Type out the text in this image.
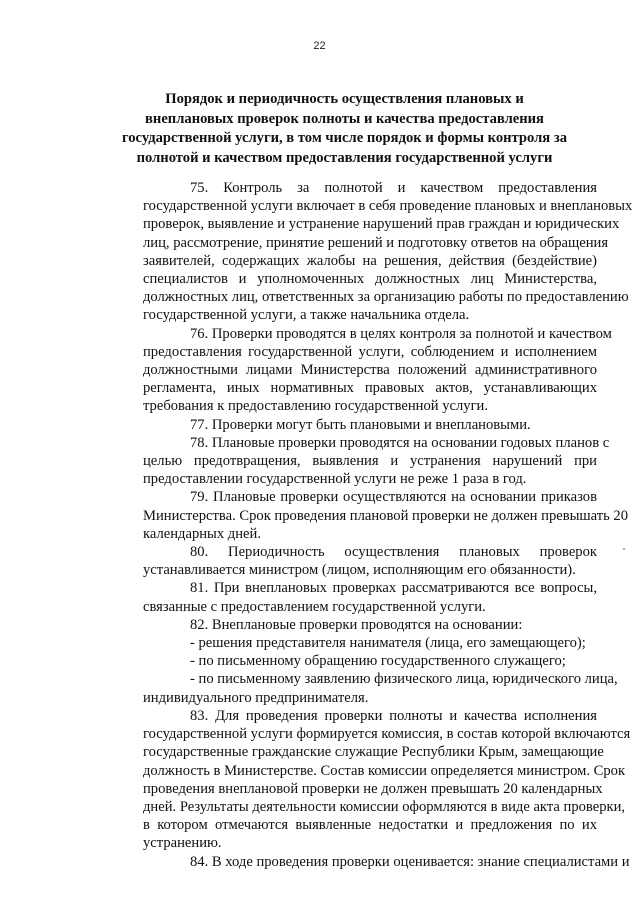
22
Порядок и периодичность осуществления плановых и
внеплановых проверок полноты и качества предоставления
государственной услуги, в том числе порядок и формы контроля за
полнотой и качеством предоставления государственной услуги
75. Контроль за полнотой и качеством предоставления
государственной услуги включает в себя проведение плановых и внеплановых
проверок, выявление и устранение нарушений прав граждан и юридических
лиц, рассмотрение, принятие решений и подготовку ответов на обращения
заявителей, содержащих жалобы на решения, действия (бездействие)
специалистов и уполномоченных должностных лиц Министерства,
должностных лиц, ответственных за организацию работы по предоставлению
государственной услуги, а также начальника отдела.
76. Проверки проводятся в целях контроля за полнотой и качеством
предоставления государственной услуги, соблюдением и исполнением
должностными лицами Министерства положений административного
регламента, иных нормативных правовых актов, устанавливающих
требования к предоставлению государственной услуги.
77. Проверки могут быть плановыми и внеплановыми.
78. Плановые проверки проводятся на основании годовых планов с
целью предотвращения, выявления и устранения нарушений при
предоставлении государственной услуги не реже 1 раза в год.
79. Плановые проверки осуществляются на основании приказов
Министерства. Срок проведения плановой проверки не должен превышать 20
календарных дней.
80. Периодичность осуществления плановых проверок
устанавливается министром (лицом, исполняющим его обязанности).
81. При внеплановых проверках рассматриваются все вопросы,
связанные с предоставлением государственной услуги.
82. Внеплановые проверки проводятся на основании:
- решения представителя нанимателя (лица, его замещающего);
- по письменному обращению государственного служащего;
- по письменному заявлению физического лица, юридического лица,
индивидуального предпринимателя.
83. Для проведения проверки полноты и качества исполнения
государственной услуги формируется комиссия, в состав которой включаются
государственные гражданские служащие Республики Крым, замещающие
должность в Министерстве. Состав комиссии определяется министром. Срок
проведения внеплановой проверки не должен превышать 20 календарных
дней. Результаты деятельности комиссии оформляются в виде акта проверки,
в котором отмечаются выявленные недостатки и предложения по их
устранению.
84. В ходе проведения проверки оценивается: знание специалистами и
